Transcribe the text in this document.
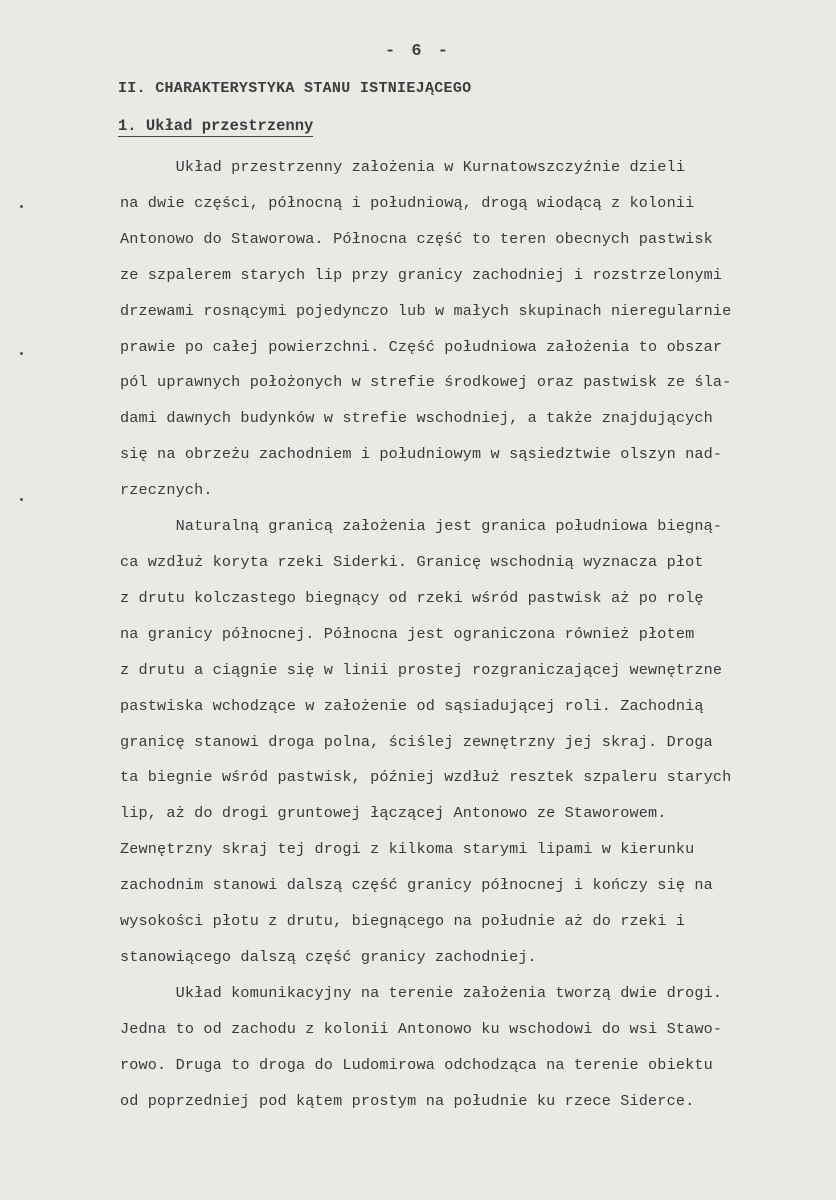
- 6 -
II. CHARAKTERYSTYKA STANU ISTNIEJĄCEGO
1. Układ przestrzenny
Układ przestrzenny założenia w Kurnatowszczyźnie dzieli
na dwie części, północną i południową, drogą wiodącą z kolonii
Antonowo do Staworowa. Północna część to teren obecnych pastwisk
ze szpalerem starych lip przy granicy zachodniej i rozstrzelonymi
drzewami rosnącymi pojedynczo lub w małych skupinach nieregularnie
prawie po całej powierzchni. Część południowa założenia to obszar
pól uprawnych położonych w strefie środkowej oraz pastwisk ze śla-
dami dawnych budynków w strefie wschodniej, a także znajdujących
się na obrzeżu zachodniem i południowym w sąsiedztwie olszyn nad-
rzecznych.
Naturalną granicą założenia jest granica południowa biegną-
ca wzdłuż koryta rzeki Siderki. Granicę wschodnią wyznacza płot
z drutu kolczastego biegnący od rzeki wśród pastwisk aż po rolę
na granicy północnej. Północna jest ograniczona również płotem
z drutu a ciągnie się w linii prostej rozgraniczającej wewnętrzne
pastwiska wchodzące w założenie od sąsiadującej roli. Zachodnią
granicę stanowi droga polna, ściślej zewnętrzny jej skraj. Droga
ta biegnie wśród pastwisk, później wzdłuż resztek szpaleru starych
lip, aż do drogi gruntowej łączącej Antonowo ze Staworowem.
Zewnętrzny skraj tej drogi z kilkoma starymi lipami w kierunku
zachodnim stanowi dalszą część granicy północnej i kończy się na
wysokości płotu z drutu, biegnącego na południe aż do rzeki i
stanowiącego dalszą część granicy zachodniej.
Układ komunikacyjny na terenie założenia tworzą dwie drogi.
Jedna to od zachodu z kolonii Antonowo ku wschodowi do wsi Stawo-
rowo. Druga to droga do Ludomirowa odchodząca na terenie obiektu
od poprzedniej pod kątem prostym na południe ku rzece Siderce.
